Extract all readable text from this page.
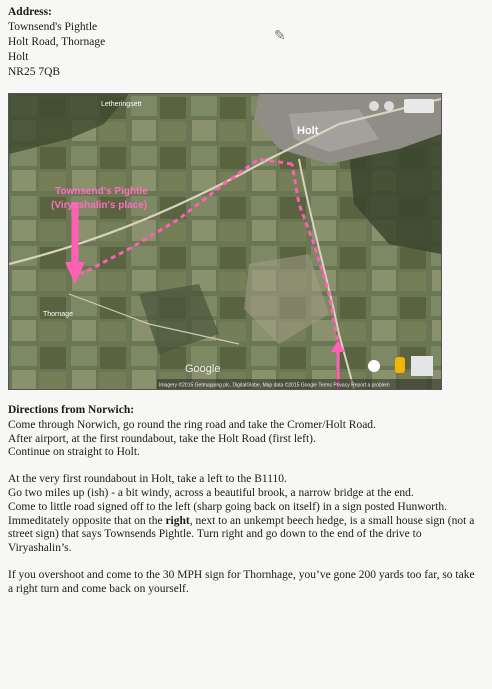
Address:
Townsend's Pightle
Holt Road, Thornage
Holt
NR25 7QB
✎
Holt
Townsend's Pightle
(Viryashalin's place)
Letheringsett
Thornage
Google
Imagery ©2015 Getmapping plc, DigitalGlobe, Map data ©2015 Google Terms Privacy Report a problem
Directions from Norwich:

Come through Norwich, go round the ring road and take the Cromer/Holt Road.

After airport, at the first roundabout, take the Holt Road (first left).

Continue on straight to Holt.

At the very first roundabout in Holt, take a left to the B1110.

Go two miles up (ish) - a bit windy, across a beautiful brook, a narrow bridge at the end.

Come to little road signed off to the left (sharp going back on itself) in a sign posted Hunworth.

Immeditately opposite that on the right, next to an unkempt beech hedge, is a small house sign (not a street sign) that says Townsends Pightle. Turn right and go down to the end of the drive to Viryashalin’s.

If you overshoot and come to the 30 MPH sign for Thornhage, you’ve gone 200 yards too far, so take a right turn and come back on yourself.
